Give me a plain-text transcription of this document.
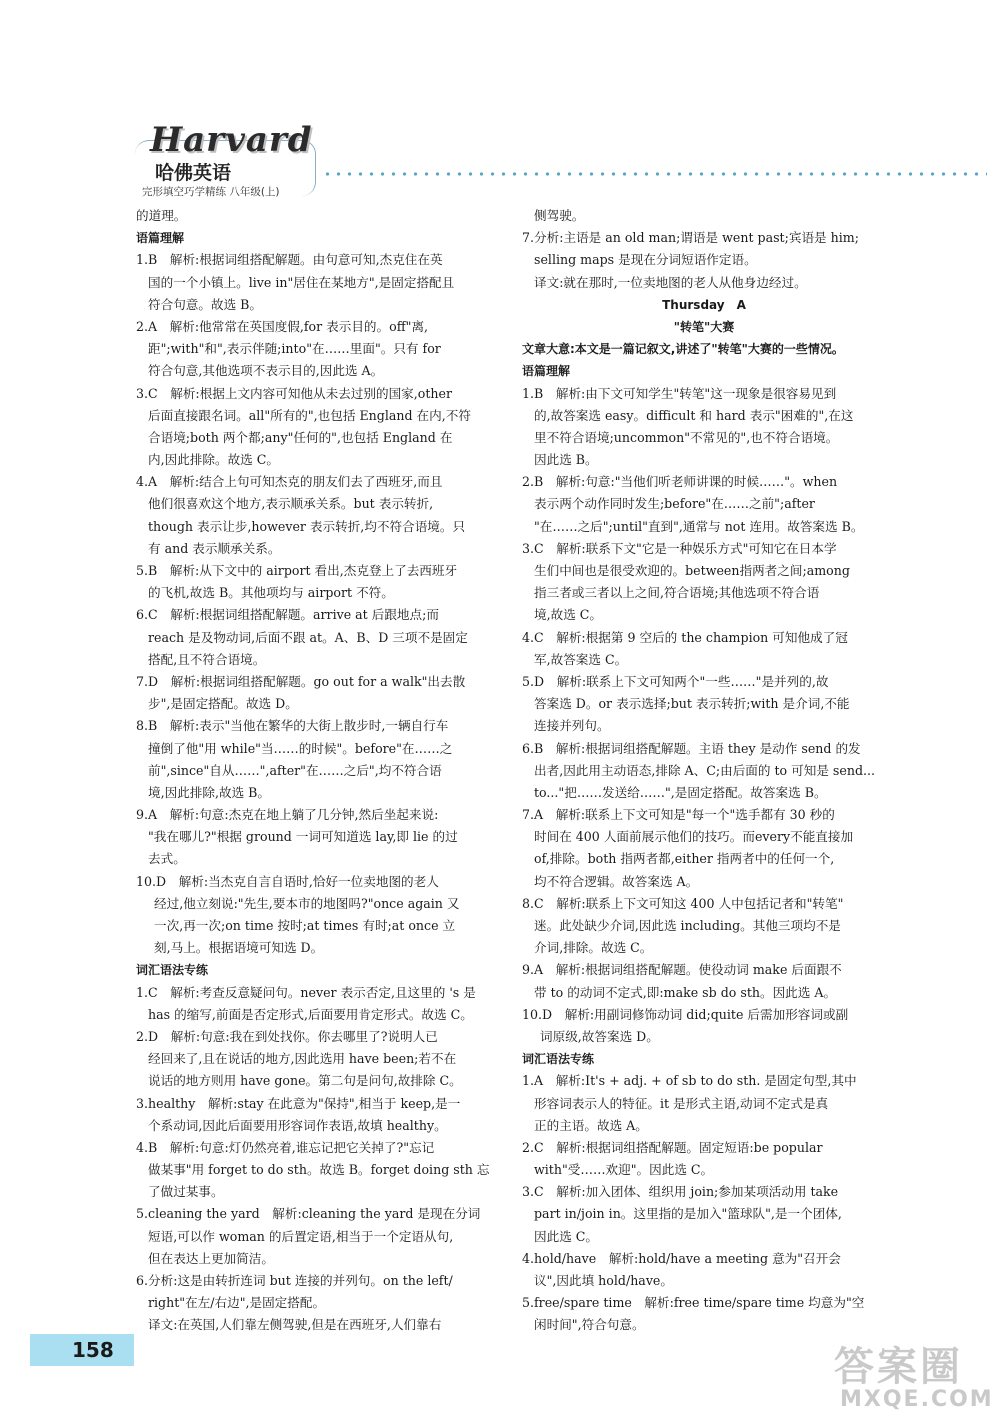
Harvard
哈佛英语
完形填空巧学精练 八年级(上)
的道理。
语篇理解
1.B　解析:根据词组搭配解题。由句意可知,杰克住在英
国的一个小镇上。live in"居住在某地方",是固定搭配且
符合句意。故选 B。
2.A　解析:他常常在英国度假,for 表示目的。off"离,
距";with"和",表示伴随;into"在……里面"。只有 for
符合句意,其他选项不表示目的,因此选 A。
3.C　解析:根据上文内容可知他从未去过别的国家,other
后面直接跟名词。all"所有的",也包括 England 在内,不符
合语境;both 两个都;any"任何的",也包括 England 在
内,因此排除。故选 C。
4.A　解析:结合上句可知杰克的朋友们去了西班牙,而且
他们很喜欢这个地方,表示顺承关系。but 表示转折,
though 表示让步,however 表示转折,均不符合语境。只
有 and 表示顺承关系。
5.B　解析:从下文中的 airport 看出,杰克登上了去西班牙
的飞机,故选 B。其他项均与 airport 不符。
6.C　解析:根据词组搭配解题。arrive at 后跟地点;而
reach 是及物动词,后面不跟 at。A、B、D 三项不是固定
搭配,且不符合语境。
7.D　解析:根据词组搭配解题。go out for a walk"出去散
步",是固定搭配。故选 D。
8.B　解析:表示"当他在繁华的大街上散步时,一辆自行车
撞倒了他"用 while"当……的时候"。before"在……之
前",since"自从……",after"在……之后",均不符合语
境,因此排除,故选 B。
9.A　解析:句意:杰克在地上躺了几分钟,然后坐起来说:
"我在哪儿?"根据 ground 一词可知道选 lay,即 lie 的过
去式。
10.D　解析:当杰克自言自语时,恰好一位卖地图的老人
经过,他立刻说:"先生,要本市的地图吗?"once again 又
一次,再一次;on time 按时;at times 有时;at once 立
刻,马上。根据语境可知选 D。
词汇语法专练
1.C　解析:考查反意疑问句。never 表示否定,且这里的 's 是
has 的缩写,前面是否定形式,后面要用肯定形式。故选 C。
2.D　解析:句意:我在到处找你。你去哪里了?说明人已
经回来了,且在说话的地方,因此选用 have been;若不在
说话的地方则用 have gone。第二句是问句,故排除 C。
3.healthy　解析:stay 在此意为"保持",相当于 keep,是一
个系动词,因此后面要用形容词作表语,故填 healthy。
4.B　解析:句意:灯仍然亮着,谁忘记把它关掉了?"忘记
做某事"用 forget to do sth。故选 B。forget doing sth 忘
了做过某事。
5.cleaning the yard　解析:cleaning the yard 是现在分词
短语,可以作 woman 的后置定语,相当于一个定语从句,
但在表达上更加简洁。
6.分析:这是由转折连词 but 连接的并列句。on the left/
right"在左/右边",是固定搭配。
译文:在英国,人们靠左侧驾驶,但是在西班牙,人们靠右
侧驾驶。
7.分析:主语是 an old man;谓语是 went past;宾语是 him;
selling maps 是现在分词短语作定语。
译文:就在那时,一位卖地图的老人从他身边经过。
Thursday　A
"转笔"大赛
文章大意:本文是一篇记叙文,讲述了"转笔"大赛的一些情况。
语篇理解
1.B　解析:由下文可知学生"转笔"这一现象是很容易见到
的,故答案选 easy。difficult 和 hard 表示"困难的",在这
里不符合语境;uncommon"不常见的",也不符合语境。
因此选 B。
2.B　解析:句意:"当他们听老师讲课的时候……"。when
表示两个动作同时发生;before"在……之前";after
"在……之后";until"直到",通常与 not 连用。故答案选 B。
3.C　解析:联系下文"它是一种娱乐方式"可知它在日本学
生们中间也是很受欢迎的。between指两者之间;among
指三者或三者以上之间,符合语境;其他选项不符合语
境,故选 C。
4.C　解析:根据第 9 空后的 the champion 可知他成了冠
军,故答案选 C。
5.D　解析:联系上下文可知两个"一些……"是并列的,故
答案选 D。or 表示选择;but 表示转折;with 是介词,不能
连接并列句。
6.B　解析:根据词组搭配解题。主语 they 是动作 send 的发
出者,因此用主动语态,排除 A、C;由后面的 to 可知是 send...
to..."把……发送给……",是固定搭配。故答案选 B。
7.A　解析:联系上下文可知是"每一个"选手都有 30 秒的
时间在 400 人面前展示他们的技巧。而every不能直接加
of,排除。both 指两者都,either 指两者中的任何一个,
均不符合逻辑。故答案选 A。
8.C　解析:联系上下文可知这 400 人中包括记者和"转笔"
迷。此处缺少介词,因此选 including。其他三项均不是
介词,排除。故选 C。
9.A　解析:根据词组搭配解题。使役动词 make 后面跟不
带 to 的动词不定式,即:make sb do sth。因此选 A。
10.D　解析:用副词修饰动词 did;quite 后需加形容词或副
词原级,故答案选 D。
词汇语法专练
1.A　解析:It's + adj. + of sb to do sth. 是固定句型,其中
形容词表示人的特征。it 是形式主语,动词不定式是真
正的主语。故选 A。
2.C　解析:根据词组搭配解题。固定短语:be popular
with"受……欢迎"。因此选 C。
3.C　解析:加入团体、组织用 join;参加某项活动用 take
part in/join in。这里指的是加入"篮球队",是一个团体,
因此选 C。
4.hold/have　解析:hold/have a meeting 意为"召开会
议",因此填 hold/have。
5.free/spare time　解析:free time/spare time 均意为"空
闲时间",符合句意。
158	答案圈
MXQE.COM
